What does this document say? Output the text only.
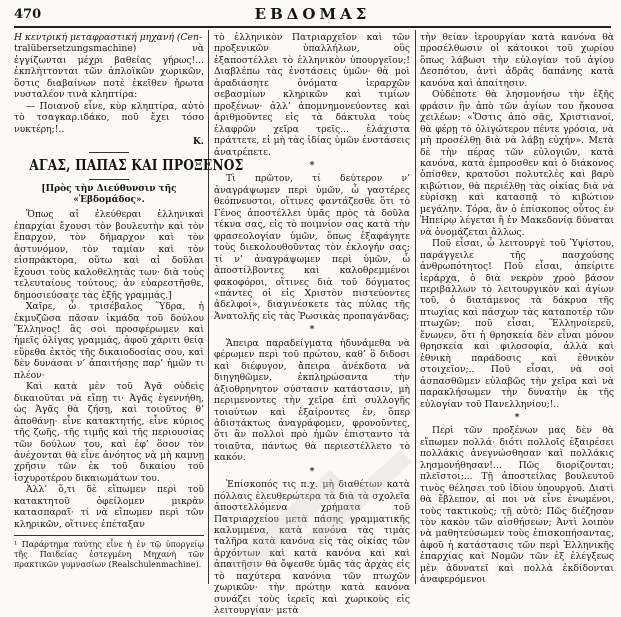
470	ΕΒΔΟΜΑΣ

Η κεντρική μεταφραστική μηχανή (Cen-

tralübersetzungsmachine) νὰ ἐγγίζωνται μέχρι βαθείας γήρως!... ἐκπλήττονται τῶν ἀπλοϊκῶν χωρικῶν, ὅστις διαβαίνων ποτὲ ἐκεῖθεν ἤρωτα νυσταλέον τινὰ κληπτίρα:

— Ποιανοῦ εἶνε, κὺρ κληπτίρα, αὐτὸ τὸ τσαγκαρ.ιδάκο, ποῦ ἔχει τόσο νυκτέρη;!..

Κ.
ΑΓΑΣ, ΠΑΠΑΣ ΚΑΙ ΠΡΟΞΕΝΟΣ
[Πρὸς τὴν Διεύθυνσιν τῆς «Ἑβδομάδος».

Ὅπως αἱ ἐλεύθεραι ἑλληνικαὶ ἐπαρχίαι ἔχουσι τὸν βουλευτὴν καὶ τὸν ἔπαρχον, τὸν δήμαρχον καὶ τὸν ἀστυνόμον, τὸν ταμίαν καὶ τὸν εἰσπράκτορα, οὕτω καὶ αἱ δοῦλαι ἔχουσι τοὺς καλοθελητὰς των· διὰ τοὺς τελευταίους τούτους, ἀν εὐαρεστῆσθε, δημοσιεύσατε τὰς ἑξῆς γραμμάς.]

Χαῖρε, ὦ τρισέβαλος Ὕδρα, ἡ ἐκμυζῶσα πᾶσαν ἰκμάδα τοῦ δούλου Ἕλληνος! ἃς σοὶ προσφέρωμεν καὶ ἡμεῖς ὀλίγας γραμμάς, ἀφοῦ χάριτι θείᾳ εὕρεθα ἐκτὸς τῆς δικαιοδοσίας σου, καὶ δὲν δυνάσαι ν’ ἀπαιτήσῃς παρ’ ἡμῶν τι πλέον·

Καὶ κατὰ μὲν τοῦ Ἀγᾶ οὐδεὶς δικαιοῦται νὰ εἴπῃ τι· Ἀγᾶς ἐγεννήθη, ὡς Ἀγᾶς θὰ ζήσῃ, καὶ τοιοῦτος θ’ ἀποθάνῃ· εἶνε κατακτητής, εἶνε κύριος τῆς ζωῆς, τῆς τιμῆς καὶ τῆς περιουσίας τῶν δούλων του, καὶ ἐφ’ ὅσον τὸν ἀνέχονται θὰ εἶνε ἀνόητος νὰ μὴ καμνῃ χρῆσιν τῶν ἐκ τοῦ δικαίου τοῦ ἰσχυροτέρου δικαιωμάτων του.

Ἀλλ’ ὅ,τι δὲ εἴπωμεν περὶ τοῦ κατακτητοῦ ὀφείλομεν μικρὰν κατασπαραῖ· τί νὰ εἴπωμεν περὶ τῶν κληρικῶν, οἵτινες ἐπέταξαν

¹ Παράρτημα ταύτης εἶνε ἡ ἐν τῷ ὑποργείῳ τῆς Παιδείας ἐστεγμένη Μηχανὴ τῶν πρακτικῶν γυμνασίων (Realschulenmachine).

τὸ ἑλληνικὸν Πατριαρχεῖον καὶ τῶν προξενικῶν ὑπαλλήλων, οὓς ἐξαποστέλλει τὸ ἑλληνικὸν ὑπουργεῖον;! Διαβλέπω τὰς ἐνστάσεις ὑμῶν· θὰ μοὶ ἀραδιάσητε ὀνόματα ἱεραρχῶν σεβασμίων κληρικῶν καὶ τιμίων προξένων· ἀλλ’ ἀπομνημονεύοντες καὶ ἀριθμοῦντες εἰς τὰ δάκτυλα τοὺς ἐλαφρῶν χεῖρα τρεῖς... ἐλάχιστα πράττετε, εἰ μὴ τὰς ἰδίας ὑμῶν ἐνστάσεις ἀνατρέπετε.

*

Τὶ πρῶτον, τί δεύτερον ν’ ἀναγράψωμεν περὶ ὑμῶν, ὦ γαστέρες θεόπνευστοι, οἵτινες φαντάζεσθε ὅτι τὸ Γένος ἀποστέλλει ὑμᾶς πρὸς τὰ δοῦλα τέκνα σας, εἰς τὸ ποιμνίον σας κατὰ τὴν φρασεολογίαν ὑμῶν, ὅπως ἐξαφάγητε τοὺς διεκολουθοῦντας τὸν ἐκλογήν σας; τί ν’ ἀναγράψωμεν περὶ ὑμῶν, ὦ ἀποστίλβοντες καὶ καλοθρεμμένοι φακοφόροι, οἵτινες διὰ τοῦ δόγματος «πάντες οἱ εἰς Χριστὸν πιστεύοντες ἀδελφοί», διαγινέσκετε τὰς πύλας τῆς Ἀνατολῆς εἰς τὰς Ῥωσικὰς προπαγάνδας;

*

Ἄπειρα παραδείγματα ἠδυνάμεθα νὰ φέρωμεν περὶ τοῦ πρώτου, καθ’ ὃ διδοσι καὶ διέφυγον, ἄπειρα ἀνέκδοτα νὰ διηγηθῶμεν, ἐκπληρώσαντα τὴν ἀξιοθρηνητον σύστασιν κατάστασιν, μὴ περιμενοντες τὴν χεῖρα ἐπὶ συλλογῆς τοιούτων καὶ ἐξαίροντες ἐν, ὅπερ ἀδιστάκτως ἀναγράφομεν, φρονοῦντες, ὅτι ἂν πολλοὶ πρὸ ἡμῶν ἐπισταντο τὰ τοιαῦτα, πάντως θὰ περιεστέλλετο τὸ κακόν.

*

Ἐπίσκοπός τις π.χ. μὴ διαθέτων κατὰ πόλλαις ἐλευθερώτερα τὰ διὰ τὰ σχολεῖα ἀποστελλόμενα χρήματα τοῦ Πατριαρχείου μετὰ πάσης γραμματικῆς καλυμμένα, κατὰ κανόνα τὰς τιμὰς ταλῆρα κατὰ κανόνα εἰς τὰς οἰκίας τῶν ἀρχόντων καὶ κατὰ κανόνα καὶ καὶ ἀπαιτῆσιν θὰ ὄψεσθε ὑμᾶς τὰς ἀρχὰς εἰς τὸ παχύτερα κανόνια τῶν πτωχῶν χωρικῶν· τὴν πρώτην κατὰ κανόνα συνάζει τοὺς ἱερεῖς καὶ χωρικοὺς εἰς λειτουργίαν· μετὰ

τὴν θείαν ἱερουργίαν κατὰ κανόνα θὰ προσέλθωσιν οἱ κάτοικοι τοῦ χωρίου ὅπως λάβωσι τὴν εὐλογίαν τοῦ ἁγίου Δεσπότου, ἀντὶ ἁδρᾶς δαπάνης κατὰ κανόνα καὶ ἀπαίτησιν.

Οὐδέποτε θὰ λησμονήσω τὴν ἑξῆς φράσιν ἣν ἀπὸ τῶν ἁγίων του ἤκουσα χειλέων: «Ὅστις ἀπὸ σᾶς, Χριστιανοί, θὰ φέρῃ τὸ ὀλιγώτερον πέντε γρόσια, νὰ μὴ προσέλθῃ διὰ νὰ λάβῃ εὐχήν». Μετὰ δὲ τὴν πέρας τῶν εὐλογιῶν, κατὰ κανόνα, κατὰ ἐμπροσθεν καὶ ὁ διάκονος ὀπίσθεν, κρατοῦσι πολυτελὲς καὶ βαρὺ κιβώτιον, θὰ περιέλθῃ τὰς οἰκίας διὰ νὰ εὑρίσκῃ καὶ κατασπᾷ τὸ κιβώτιον μεγάλην. Τόρα, ἂν ὁ ἐπίσκοπος οὗτος ἐν Ἠπείρῳ λέγεται ἢ ἐν Μακεδονίᾳ δύναται νὰ ὀνομάζεται ἄλλως.

Ποῦ εἶσαι, ὦ λειτουργὲ τοῦ Ὑψίστου, παράγγειλε τῆς πασχούσης ἀνθρωπότητος! Ποῦ εἶσαι, ἁπείριτε ἱεράρχα, ὁ διὰ νεκρὸν χροὸ βάσον περιβάλλων τὸ λειτουργικὸν καὶ ἁγίων τοῦ, ὁ διατάμενος τὰ δάκρυα τῆς πτωχίας καὶ πάσχων τὰς καταποτέρ τῶν πτωχῶν; ποῦ εἶσαι, Ἕλληνοίερεῦ, ἔνωνεν, ὅτι ἡ θρησκεία δὲν εἶναι μόνον θρησκεία καὶ φιλοσοφία, ἀλλὰ καὶ ἐθνικὴ παράδοσις καὶ ἐθνικὸν στοιχεῖον;.. Ποῦ εἶσαι, νὰ σοὶ ἀσπασθῶμεν εὐλαβῶς τὴν χεῖρα καὶ νὰ παρακλήσωμεν τὴν δυνατὴν ἐκ τῆς εὐλογίαν τοῦ Πανελληνίου;!..

*

Περὶ τῶν προξένων μας δὲν θὰ εἴπωμεν πολλά· διότι πολλοῖς ἐξαιρέσει πολλάκις ἀνεγνώσθησαν καὶ πολλάκις λησμονήθησαν!... Πῶς διορίζονται; πλεῖστοι;... Τῇ ἀποστείλας βουλευτοῦ τινὸς θέλησει τοῦ ἰδίου ὑπουργοῦ. Διατὶ θὰ ἔβλεπον, αἰ ποι νὰ εἶνε ἐνωμένοι, τοὺς τακτικοὺς; τῇ αὐτὸ; Πῶς διέζησαν τὸν κακὸν τῶν αἰσθήσεων; Ἀντὶ λοιπὸν νὰ μαθητεύσωμεν τοὺς ἐπισκοπήσαντας, ἀφοῦ ἡ κατάστασις τῶν περὶ Ἑλληνικῆς ἐπαρχίας καὶ Νομῶν τῶν ἐξ ἐλέγξεως μὲν ἀδυνατεῖ καὶ πολλὰ ἐκδίδονται ἀναφερόμενοι
